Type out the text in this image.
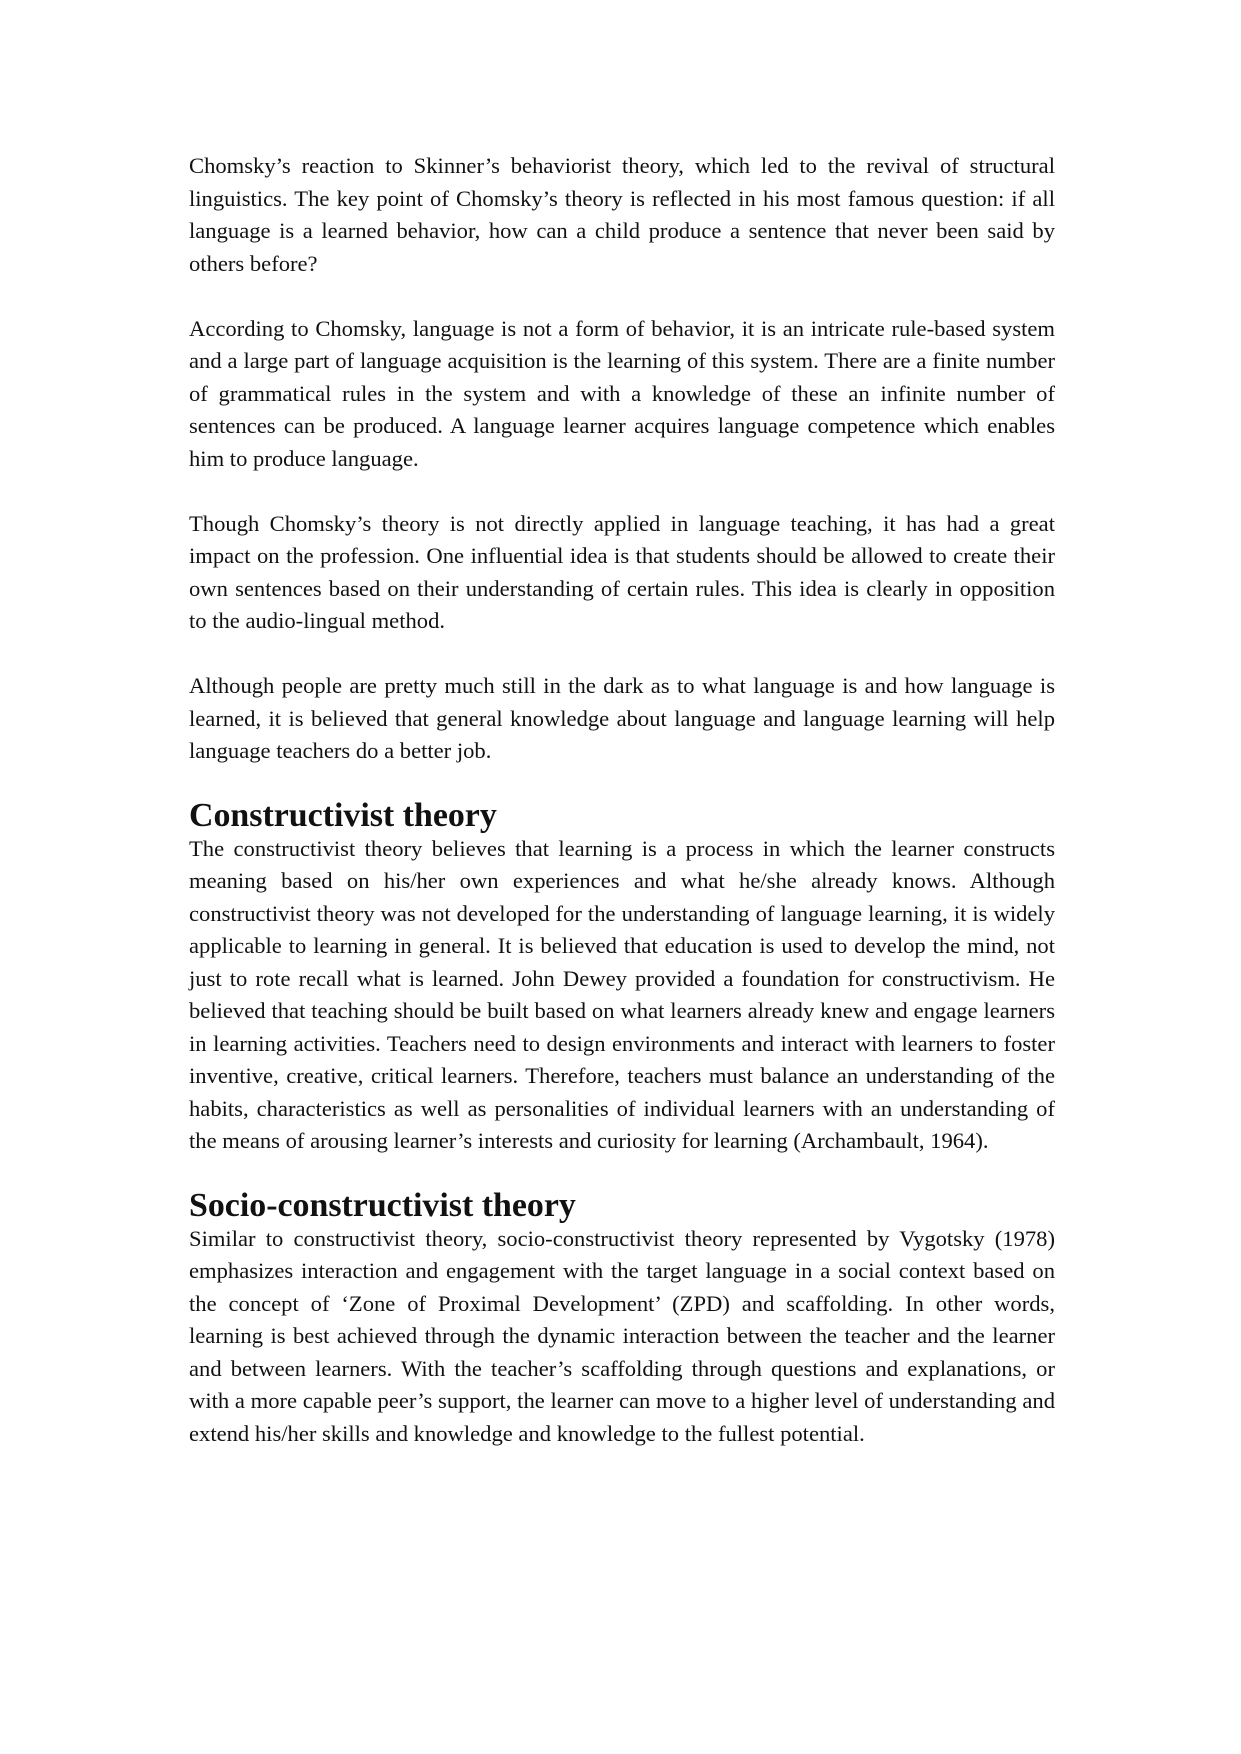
Chomsky’s reaction to Skinner’s behaviorist theory, which led to the revival of structural linguistics. The key point of Chomsky’s theory is reflected in his most famous question: if all language is a learned behavior, how can a child produce a sentence that never been said by others before?

According to Chomsky, language is not a form of behavior, it is an intricate rule-based system and a large part of language acquisition is the learning of this system. There are a finite number of grammatical rules in the system and with a knowledge of these an infinite number of sentences can be produced. A language learner acquires language competence which enables him to produce language.

Though Chomsky’s theory is not directly applied in language teaching, it has had a great impact on the profession. One influential idea is that students should be allowed to create their own sentences based on their understanding of certain rules. This idea is clearly in opposition to the audio-lingual method.

Although people are pretty much still in the dark as to what language is and how language is learned, it is believed that general knowledge about language and language learning will help language teachers do a better job.

Constructivist theory

The constructivist theory believes that learning is a process in which the learner constructs meaning based on his/her own experiences and what he/she already knows. Although constructivist theory was not developed for the understanding of language learning, it is widely applicable to learning in general. It is believed that education is used to develop the mind, not just to rote recall what is learned. John Dewey provided a foundation for constructivism. He believed that teaching should be built based on what learners already knew and engage learners in learning activities. Teachers need to design environments and interact with learners to foster inventive, creative, critical learners. Therefore, teachers must balance an understanding of the habits, characteristics as well as personalities of individual learners with an understanding of the means of arousing learner’s interests and curiosity for learning (Archambault, 1964).

Socio-constructivist theory

Similar to constructivist theory, socio-constructivist theory represented by Vygotsky (1978) emphasizes interaction and engagement with the target language in a social context based on the concept of ‘Zone of Proximal Development’ (ZPD) and scaffolding. In other words, learning is best achieved through the dynamic interaction between the teacher and the learner and between learners. With the teacher’s scaffolding through questions and explanations, or with a more capable peer’s support, the learner can move to a higher level of understanding and extend his/her skills and knowledge and knowledge to the fullest potential.
